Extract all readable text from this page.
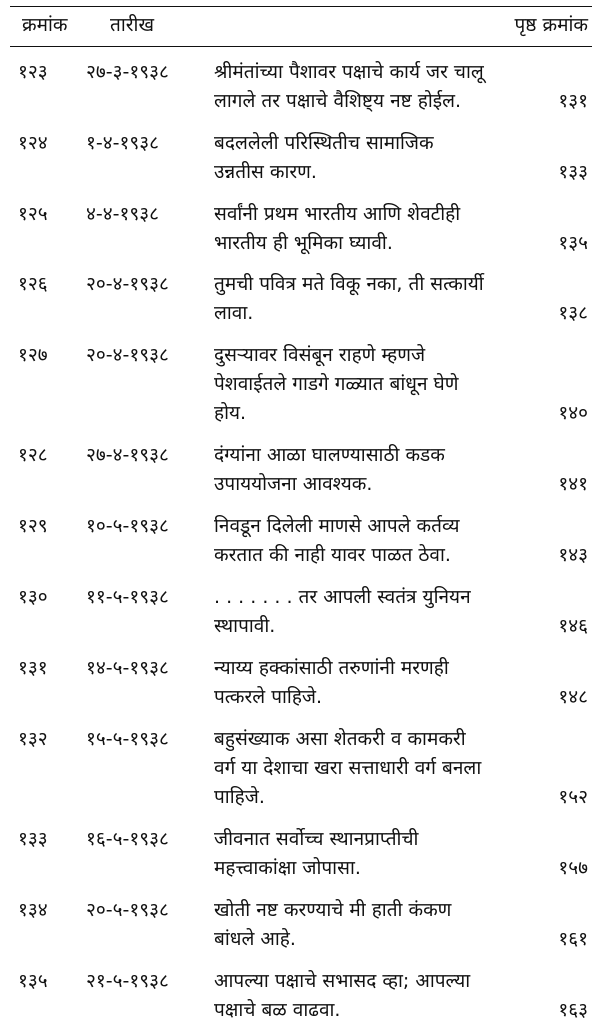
क्रमांक तारीख	पृष्ठ क्रमांक
१२३ २७-३-१९३८ श्रीमंतांच्या पैशावर पक्षाचे कार्य जर चालू
लागले तर पक्षाचे वैशिष्ट्य नष्ट होईल.	१३१
१२४ १-४-१९३८	बदललेली परिस्थितीच सामाजिक
उन्नतीस कारण.	१३३
१२५ ४-४-१९३८	सर्वांनी प्रथम भारतीय आणि शेवटीही
भारतीय ही भूमिका घ्यावी.	१३५
१२६ २०-४-१९३८ तुमची पवित्र मते विकू नका, ती सत्कार्यी
लावा.	१३८
१२७ २०-४-१९३८ दुसऱ्यावर विसंबून राहणे म्हणजे
पेशवाईतले गाडगे गळ्यात बांधून घेणे
होय.	१४०
१२८ २७-४-१९३८ दंग्यांना आळा घालण्यासाठी कडक
उपाययोजना आवश्यक.	१४१
१२९ १०-५-१९३८ निवडून दिलेली माणसे आपले कर्तव्य
करतात की नाही यावर पाळत ठेवा.	१४३
१३० ११-५-१९३८ . . . . . . . तर आपली स्वतंत्र युनियन
स्थापावी.	१४६
१३१ १४-५-१९३८ न्याय्य हक्कांसाठी तरुणांनी मरणही
पत्करले पाहिजे.	१४८
१३२ १५-५-१९३८ बहुसंख्याक असा शेतकरी व कामकरी
वर्ग या देशाचा खरा सत्ताधारी वर्ग बनला
पाहिजे.	१५२
१३३ १६-५-१९३८ जीवनात सर्वोच्च स्थानप्राप्तीची
महत्त्वाकांक्षा जोपासा.	१५७
१३४ २०-५-१९३८ खोती नष्ट करण्याचे मी हाती कंकण
बांधले आहे.	१६१
१३५ २१-५-१९३८ आपल्या पक्षाचे सभासद व्हा; आपल्या
पक्षाचे बळ वाढवा.	१६३
